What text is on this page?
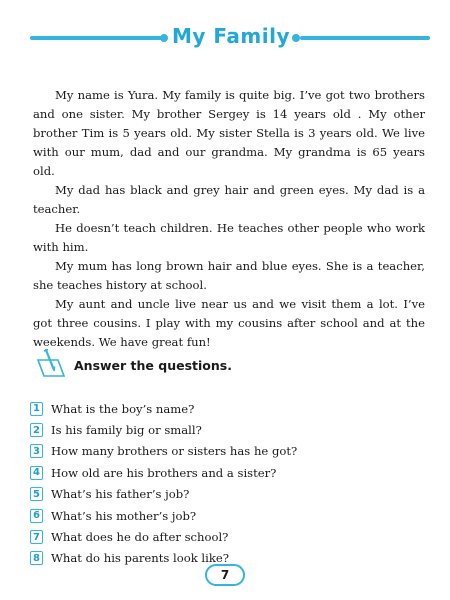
My Family

My name is Yura. My family is quite big. I’ve got two brothers and one sister. My brother Sergey is 14 years old . My other brother Tim is 5 years old. My sister Stella is 3 years old. We live with our mum, dad and our grandma. My grandma is 65 years old.

My dad has black and grey hair and green eyes. My dad is a teacher.

He doesn’t teach children. He teaches other people who work with him.

My mum has long brown hair and blue eyes. She is a teacher, she teaches history at school.

My aunt and uncle live near us and we visit them a lot. I’ve got three cousins. I play with my cousins after school and at the weekends. We have great fun!

Answer the questions.
1 What is the boy’s name?
2 Is his family big or small?
3 How many brothers or sisters has he got?
4 How old are his brothers and a sister?
5 What’s his father’s job?
6 What’s his mother’s job?
7 What does he do after school?
8 What do his parents look like?
7
